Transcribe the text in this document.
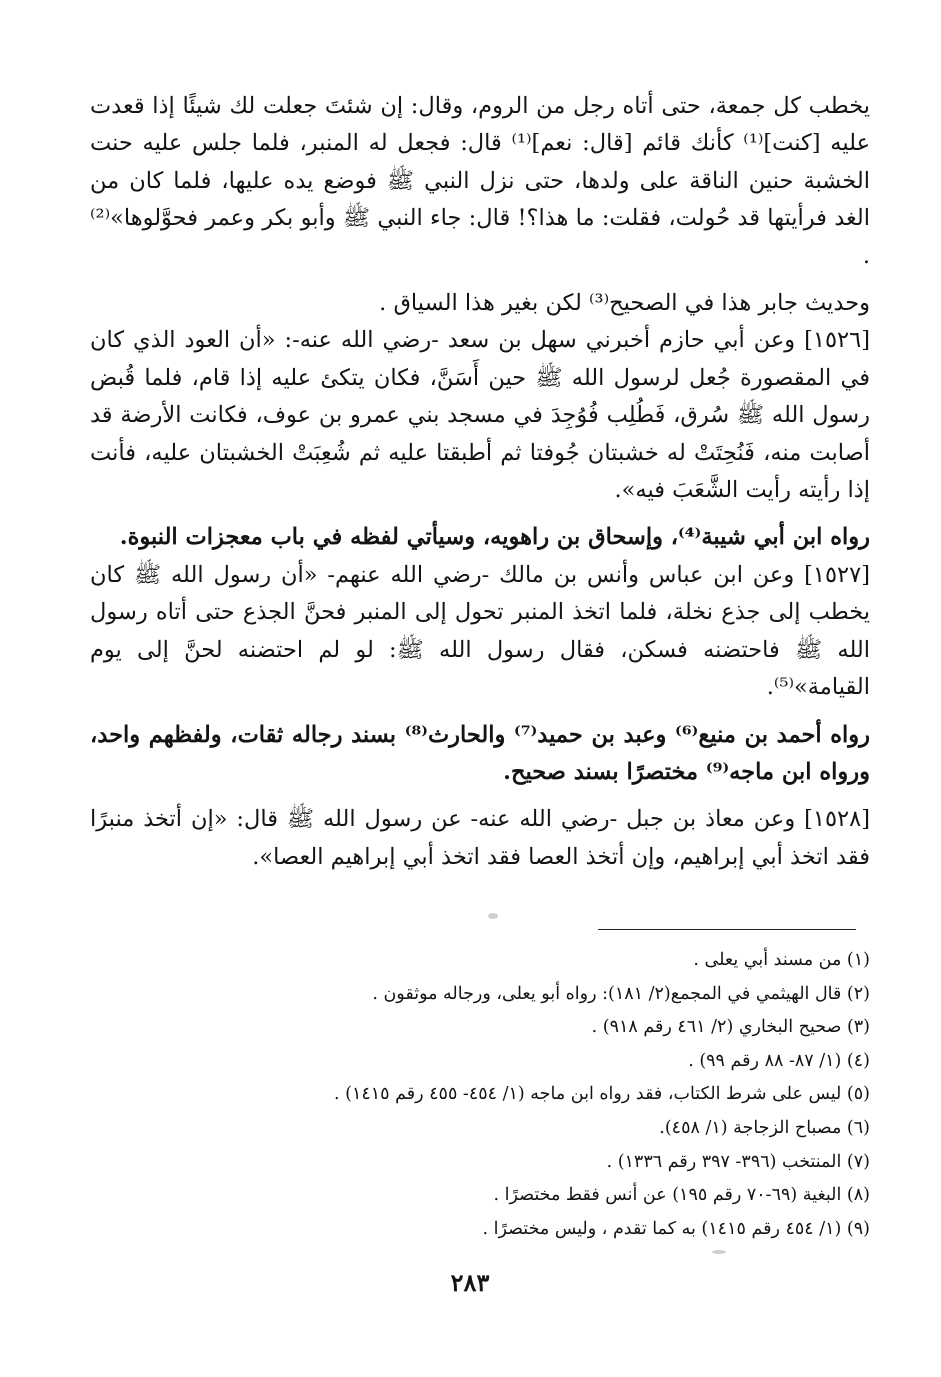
يخطب كل جمعة، حتى أتاه رجل من الروم، وقال: إن شئتَ جعلت لك شيئًا إذا قعدت عليه [كنت]⁽¹⁾ كأنك قائم [قال: نعم]⁽¹⁾ قال: فجعل له المنبر، فلما جلس عليه حنت الخشبة حنين الناقة على ولدها، حتى نزل النبي ﷺ فوضع يده عليها، فلما كان من الغد فرأيتها قد حُولت، فقلت: ما هذا؟! قال: جاء النبي ﷺ وأبو بكر وعمر فحوَّلوها»⁽²⁾ .

وحديث جابر هذا في الصحيح⁽³⁾ لكن بغير هذا السياق .

[١٥٢٦] وعن أبي حازم أخبرني سهل بن سعد -رضي الله عنه-: «أن العود الذي كان في المقصورة جُعل لرسول الله ﷺ حين أَسَنَّ، فكان يتكئ عليه إذا قام، فلما قُبض رسول الله ﷺ سُرق، فَطُلِب فُوُجِدَ في مسجد بني عمرو بن عوف، فكانت الأرضة قد أصابت منه، فَنُحِتَتْ له خشبتان جُوفتا ثم أطبقتا عليه ثم شُعِبَتْ الخشبتان عليه، فأنت إذا رأيته رأيت الشَّعَبَ فيه».

رواه ابن أبي شيبة⁽⁴⁾، وإسحاق بن راهويه، وسيأتي لفظه في باب معجزات النبوة.

[١٥٢٧] وعن ابن عباس وأنس بن مالك -رضي الله عنهم- «أن رسول الله ﷺ كان يخطب إلى جذع نخلة، فلما اتخذ المنبر تحول إلى المنبر فحنَّ الجذع حتى أتاه رسول الله ﷺ فاحتضنه فسكن، فقال رسول الله ﷺ: لو لم احتضنه لحنَّ إلى يوم القيامة»⁽⁵⁾.

رواه أحمد بن منيع⁽⁶⁾ وعبد بن حميد⁽⁷⁾ والحارث⁽⁸⁾ بسند رجاله ثقات، ولفظهم واحد، ورواه ابن ماجه⁽⁹⁾ مختصرًا بسند صحيح.

[١٥٢٨] وعن معاذ بن جبل -رضي الله عنه- عن رسول الله ﷺ قال: «إن أتخذ منبرًا فقد اتخذ أبي إبراهيم، وإن أتخذ العصا فقد اتخذ أبي إبراهيم العصا».

(١) من مسند أبي يعلى .

(٢) قال الهيثمي في المجمع(٢/ ١٨١): رواه أبو يعلى، ورجاله موثقون .

(٣) صحيح البخاري (٢/ ٤٦١ رقم ٩١٨) .

(٤) (١/ ٨٧- ٨٨ رقم ٩٩) .

(٥) ليس على شرط الكتاب، فقد رواه ابن ماجه (١/ ٤٥٤- ٤٥٥ رقم ١٤١٥) .

(٦) مصباح الزجاجة (١/ ٤٥٨).

(٧) المنتخب (٣٩٦- ٣٩٧ رقم ١٣٣٦) .

(٨) البغية (٦٩-٧٠ رقم ١٩٥) عن أنس فقط مختصرًا .

(٩) (١/ ٤٥٤ رقم ١٤١٥) به كما تقدم ، وليس مختصرًا .

٢٨٣
